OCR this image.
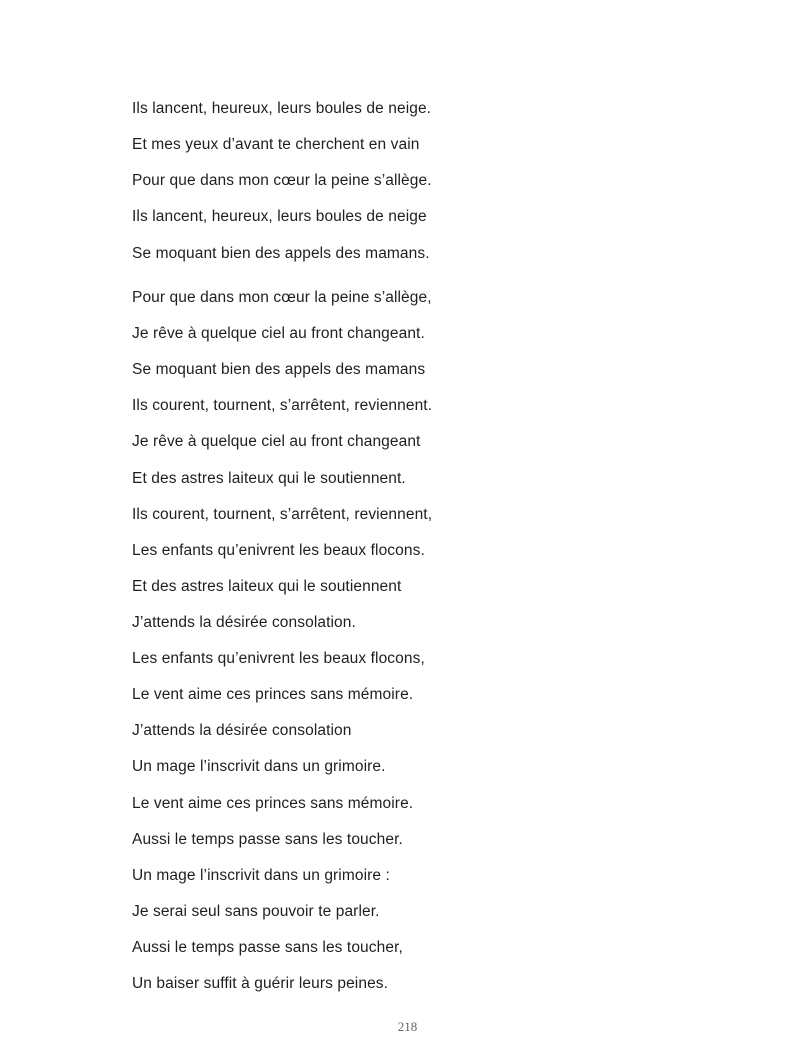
Ils lancent, heureux, leurs boules de neige.
Et mes yeux d’avant te cherchent en vain
Pour que dans mon cœur la peine s’allège.
Ils lancent, heureux, leurs boules de neige
Se moquant bien des appels des mamans.
Pour que dans mon cœur la peine s’allège,
Je rêve à quelque ciel au front changeant.
Se moquant bien des appels des mamans
Ils courent, tournent, s’arrêtent, reviennent.
Je rêve à quelque ciel au front changeant
Et des astres laiteux qui le soutiennent.
Ils courent, tournent, s’arrêtent, reviennent,
Les enfants qu’enivrent les beaux flocons.
Et des astres laiteux qui le soutiennent
J’attends la désirée consolation.
Les enfants qu’enivrent les beaux flocons,
Le vent aime ces princes sans mémoire.
J’attends la désirée consolation
Un mage l’inscrivit dans un grimoire.
Le vent aime ces princes sans mémoire.
Aussi le temps passe sans les toucher.
Un mage l’inscrivit dans un grimoire :
Je serai seul sans pouvoir te parler.
Aussi le temps passe sans les toucher,
Un baiser suffit à guérir leurs peines.
218
